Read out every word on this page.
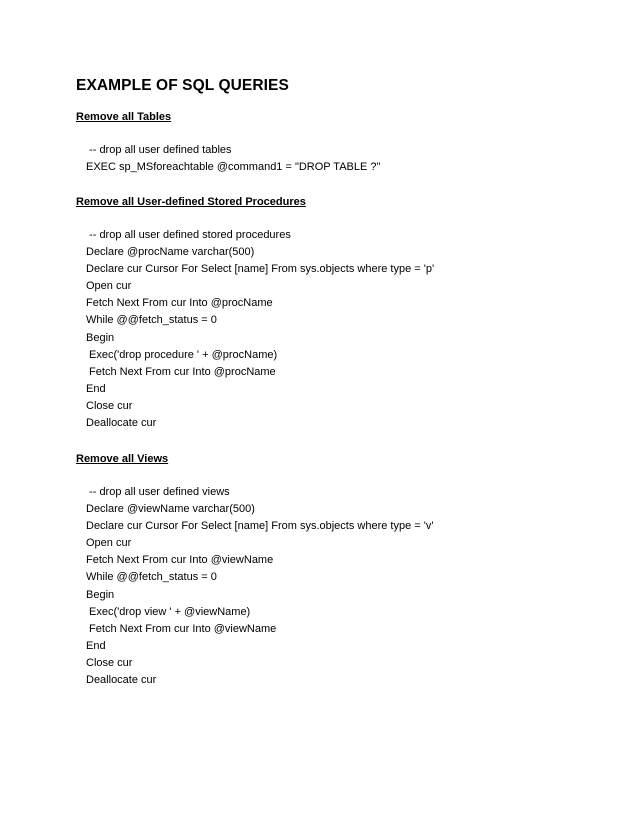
EXAMPLE OF SQL QUERIES
Remove all Tables
-- drop all user defined tables
EXEC sp_MSforeachtable @command1 = "DROP TABLE ?"
Remove all User-defined Stored Procedures
-- drop all user defined stored procedures
Declare @procName varchar(500)
Declare cur Cursor For Select [name] From sys.objects where type = 'p'
Open cur
Fetch Next From cur Into @procName
While @@fetch_status = 0
Begin
Exec('drop procedure ' + @procName)
Fetch Next From cur Into @procName
End
Close cur
Deallocate cur
Remove all Views
-- drop all user defined views
Declare @viewName varchar(500)
Declare cur Cursor For Select [name] From sys.objects where type = 'v'
Open cur
Fetch Next From cur Into @viewName
While @@fetch_status = 0
Begin
Exec('drop view ' + @viewName)
Fetch Next From cur Into @viewName
End
Close cur
Deallocate cur
